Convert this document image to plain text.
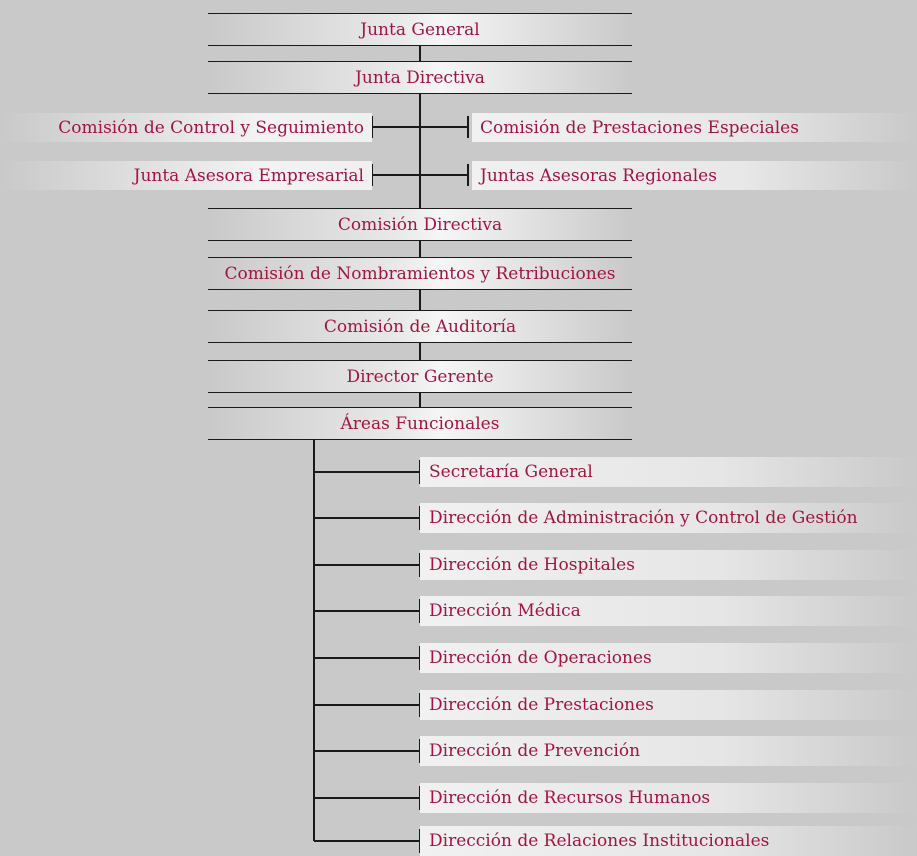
Junta General
Junta Directiva
Comisión Directiva
Comisión de Nombramientos y Retribuciones
Comisión de Auditoría
Director Gerente
Áreas Funcionales
Comisión de Control y Seguimiento
Junta Asesora Empresarial
Comisión de Prestaciones Especiales
Juntas Asesoras Regionales
Secretaría General
Dirección de Administración y Control de Gestión
Dirección de Hospitales
Dirección Médica
Dirección de Operaciones
Dirección de Prestaciones
Dirección de Prevención
Dirección de Recursos Humanos
Dirección de Relaciones Institucionales
